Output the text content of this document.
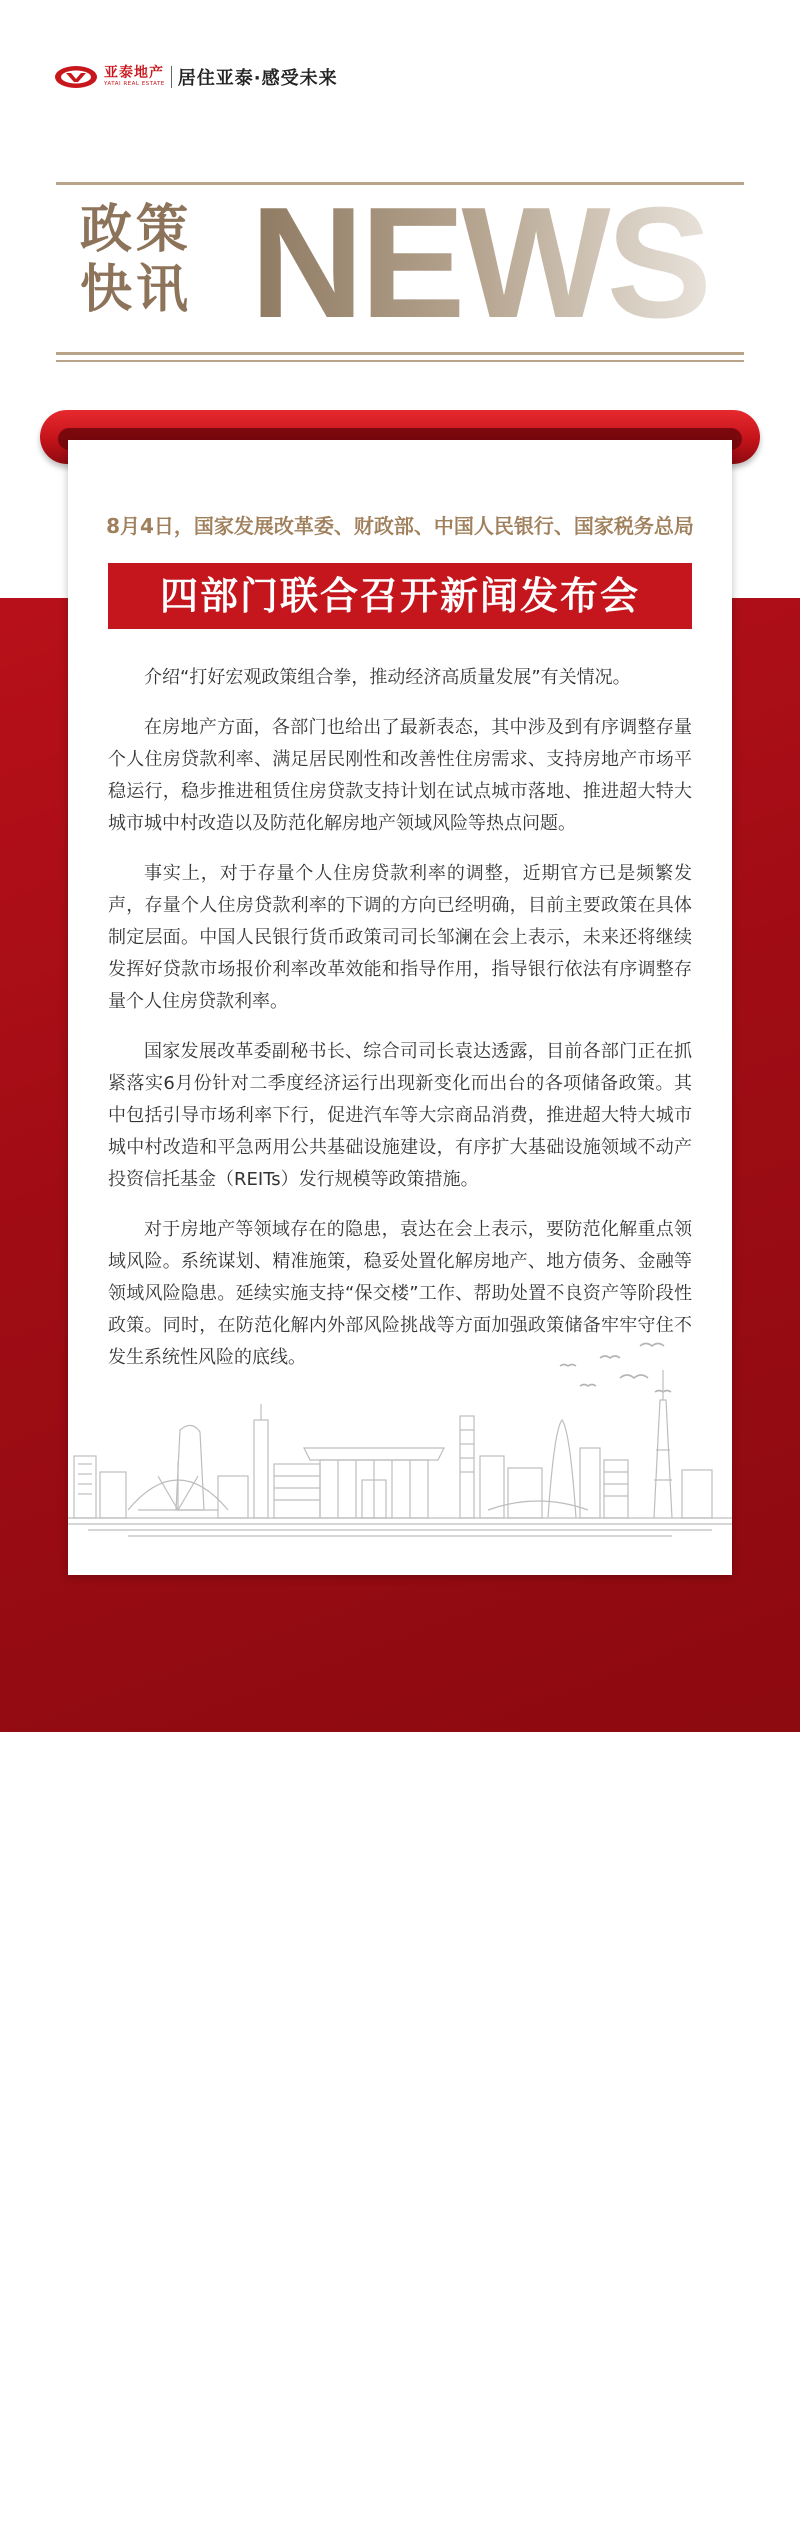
亚泰地产
YATAI REAL ESTATE 居住亚泰·感受未来
政策
快讯 NEWS
8月4日，国家发展改革委、财政部、中国人民银行、国家税务总局
四部门联合召开新闻发布会

介绍“打好宏观政策组合拳，推动经济高质量发展”有关情况。

在房地产方面，各部门也给出了最新表态，其中涉及到有序调整存量个人住房贷款利率、满足居民刚性和改善性住房需求、支持房地产市场平稳运行，稳步推进租赁住房贷款支持计划在试点城市落地、推进超大特大城市城中村改造以及防范化解房地产领域风险等热点问题。

事实上，对于存量个人住房贷款利率的调整，近期官方已是频繁发声，存量个人住房贷款利率的下调的方向已经明确，目前主要政策在具体制定层面。中国人民银行货币政策司司长邹澜在会上表示，未来还将继续发挥好贷款市场报价利率改革效能和指导作用，指导银行依法有序调整存量个人住房贷款利率。

国家发展改革委副秘书长、综合司司长袁达透露，目前各部门正在抓紧落实6月份针对二季度经济运行出现新变化而出台的各项储备政策。其中包括引导市场利率下行，促进汽车等大宗商品消费，推进超大特大城市城中村改造和平急两用公共基础设施建设，有序扩大基础设施领域不动产投资信托基金（REITs）发行规模等政策措施。

对于房地产等领域存在的隐患，袁达在会上表示，要防范化解重点领域风险。系统谋划、精准施策，稳妥处置化解房地产、地方债务、金融等领域风险隐患。延续实施支持“保交楼”工作、帮助处置不良资产等阶段性政策。同时，在防范化解内外部风险挑战等方面加强政策储备牢牢守住不发生系统性风险的底线。
